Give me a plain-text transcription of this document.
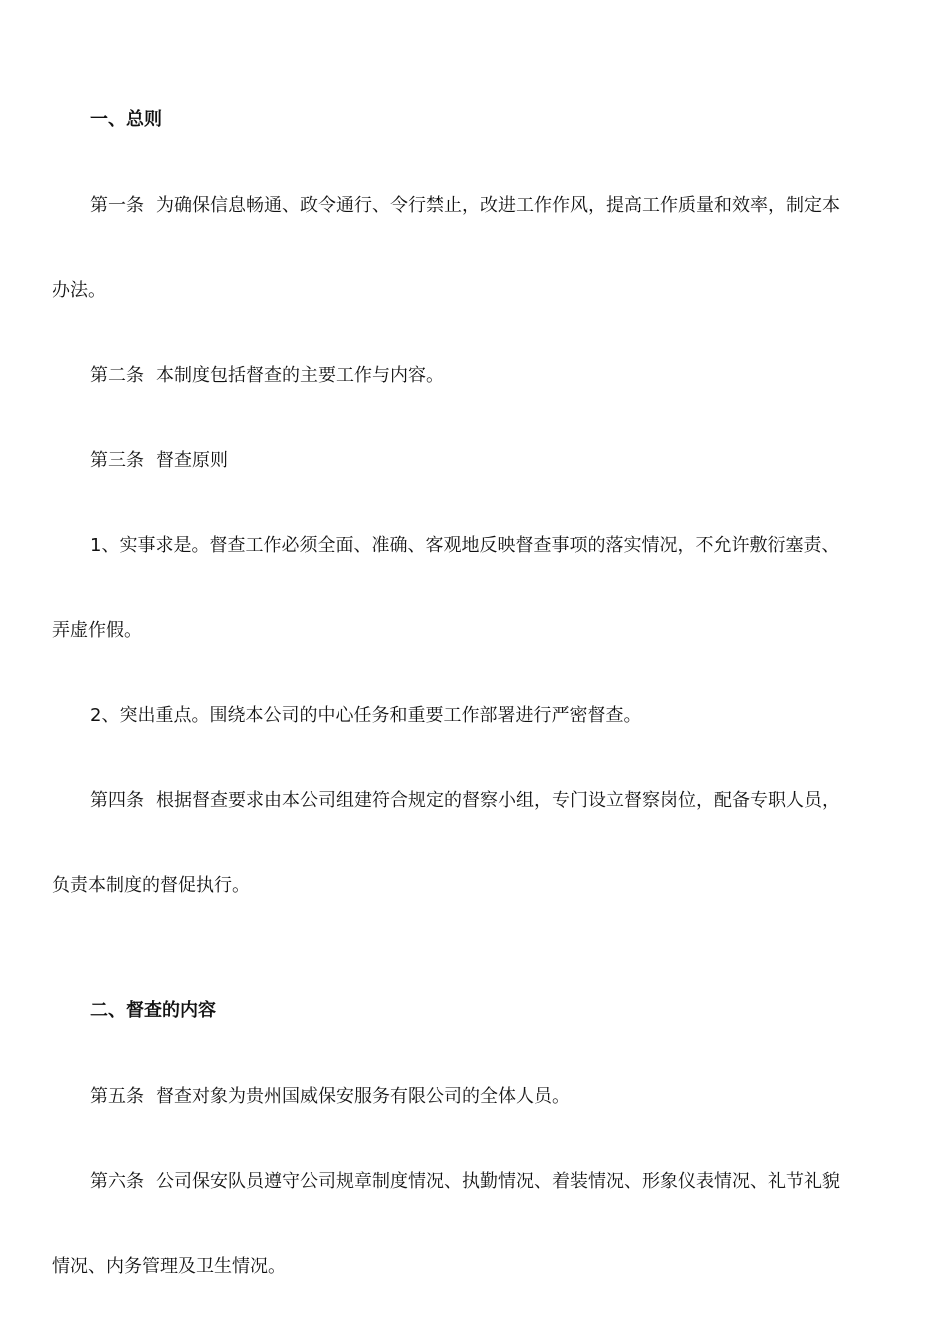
一、总则
第一条 为确保信息畅通、政令通行、令行禁止，改进工作作风，提高工作质量和效率，制定本
办法。
第二条 本制度包括督查的主要工作与内容。
第三条 督查原则
1、实事求是。督查工作必须全面、准确、客观地反映督查事项的落实情况，不允许敷衍塞责、
弄虚作假。
2、突出重点。围绕本公司的中心任务和重要工作部署进行严密督查。
第四条 根据督查要求由本公司组建符合规定的督察小组，专门设立督察岗位，配备专职人员，
负责本制度的督促执行。
二、督查的内容
第五条 督查对象为贵州国威保安服务有限公司的全体人员。
第六条 公司保安队员遵守公司规章制度情况、执勤情况、着装情况、形象仪表情况、礼节礼貌
情况、内务管理及卫生情况。
